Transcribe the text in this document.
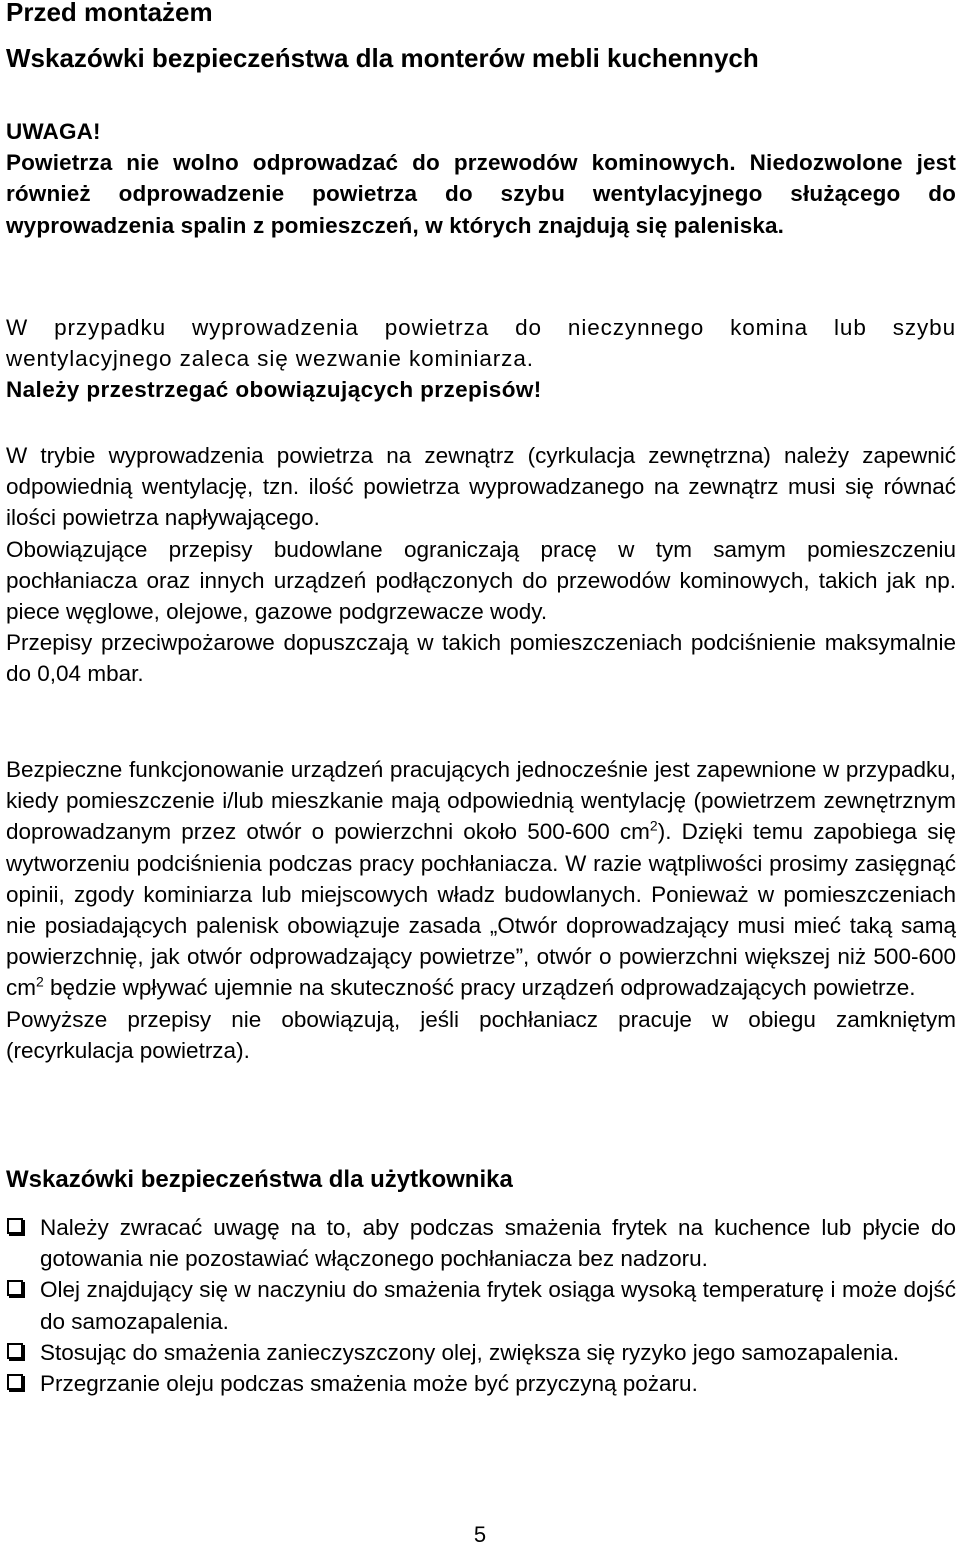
Przed montażem
Wskazówki bezpieczeństwa dla monterów mebli kuchennych

UWAGA!

Powietrza nie wolno odprowadzać do przewodów kominowych. Niedozwolone jest również odprowadzenie powietrza do szybu wentylacyjnego służącego do wyprowadzenia spalin z pomieszczeń, w których znajdują się paleniska.

W przypadku wyprowadzenia powietrza do nieczynnego komina lub szybu wentylacyjnego zaleca się wezwanie kominiarza.

Należy przestrzegać obowiązujących przepisów!

W trybie wyprowadzenia powietrza na zewnątrz (cyrkulacja zewnętrzna) należy zapewnić odpowiednią wentylację, tzn. ilość powietrza wyprowadzanego na zewnątrz musi się równać ilości powietrza napływającego.

Obowiązujące przepisy budowlane ograniczają pracę w tym samym pomieszczeniu pochłaniacza oraz innych urządzeń podłączonych do przewodów kominowych, takich jak np. piece węglowe, olejowe, gazowe podgrzewacze wody.

Przepisy przeciwpożarowe dopuszczają w takich pomieszczeniach podciśnienie maksymalnie do 0,04 mbar.

Bezpieczne funkcjonowanie urządzeń pracujących jednocześnie jest zapewnione w przypadku, kiedy pomieszczenie i/lub mieszkanie mają odpowiednią wentylację (powietrzem zewnętrznym doprowadzanym przez otwór o powierzchni około 500-600 $cm^2$). Dzięki temu zapobiega się wytworzeniu podciśnienia podczas pracy pochłaniacza. W razie wątpliwości prosimy zasięgnąć opinii, zgody kominiarza lub miejscowych władz budowlanych. Ponieważ w pomieszczeniach nie posiadających palenisk obowiązuje zasada „Otwór doprowadzający musi mieć taką samą powierzchnię, jak otwór odprowadzający powietrze”, otwór o powierzchni większej niż 500-600 $cm^2$ będzie wpływać ujemnie na skuteczność pracy urządzeń odprowadzających powietrze.

Powyższe przepisy nie obowiązują, jeśli pochłaniacz pracuje w obiegu zamkniętym (recyrkulacja powietrza).

Wskazówki bezpieczeństwa dla użytkownika
Należy zwracać uwagę na to, aby podczas smażenia frytek na kuchence lub płycie do gotowania nie pozostawiać włączonego pochłaniacza bez nadzoru.
Olej znajdujący się w naczyniu do smażenia frytek osiąga wysoką temperaturę i może dojść do samozapalenia.
Stosując do smażenia zanieczyszczony olej, zwiększa się ryzyko jego samozapalenia.
Przegrzanie oleju podczas smażenia może być przyczyną pożaru.
5
